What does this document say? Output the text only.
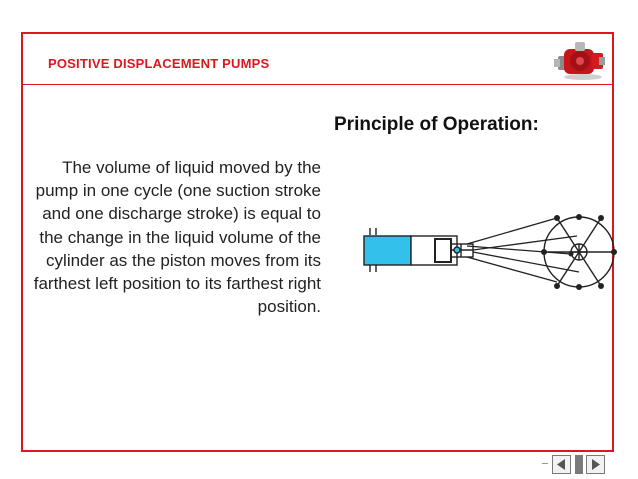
POSITIVE DISPLACEMENT PUMPS
Principle of Operation:
The volume of liquid moved by the pump in one cycle (one suction stroke and one discharge stroke) is equal to the change in the liquid volume of the cylinder as the piston moves from its farthest left position to its farthest right position.
